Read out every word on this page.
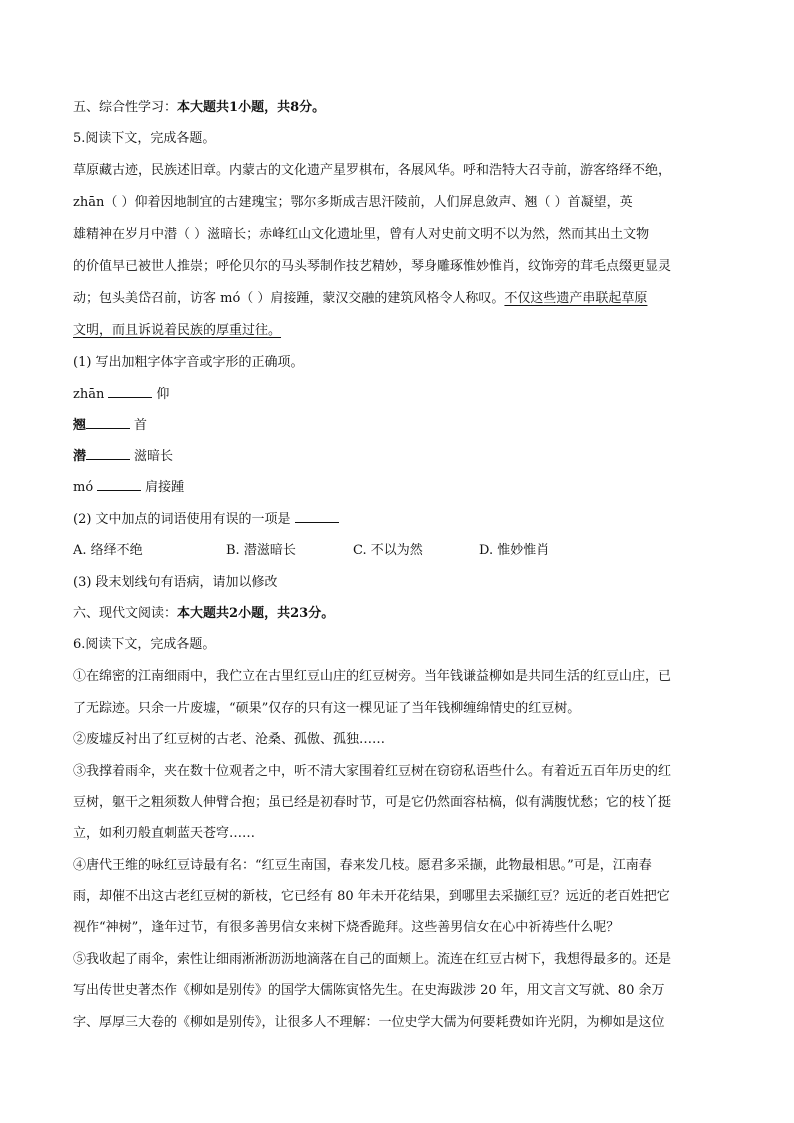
五、综合性学习：本大题共1小题，共8分。
5.阅读下文，完成各题。
草原藏古迹，民族述旧章。内蒙古的文化遗产星罗棋布，各展风华。呼和浩特大召寺前，游客络绎不绝，
zhān（ ）仰着因地制宜的古建瑰宝；鄂尔多斯成吉思汗陵前，人们屏息敛声、翘（ ）首凝望，英
雄精神在岁月中潜（ ）滋暗长；赤峰红山文化遗址里，曾有人对史前文明不以为然，然而其出土文物
的价值早已被世人推崇；呼伦贝尔的马头琴制作技艺精妙，琴身雕琢惟妙惟肖，纹饰旁的茸毛点缀更显灵
动；包头美岱召前，访客 mó（ ）肩接踵，蒙汉交融的建筑风格令人称叹。不仅这些遗产串联起草原
文明，而且诉说着民族的厚重过往。
(1) 写出加粗字体字音或字形的正确项。
zhān	仰
翘	首
潜	滋暗长
mó	肩接踵
(2) 文中加点的词语使用有误的一项是
A. 络绎不绝	B. 潜滋暗长	C. 不以为然	D. 惟妙惟肖
(3) 段末划线句有语病，请加以修改
六、现代文阅读：本大题共2小题，共23分。
6.阅读下文，完成各题。
①在绵密的江南细雨中，我伫立在古里红豆山庄的红豆树旁。当年钱谦益柳如是共同生活的红豆山庄，已
了无踪迹。只余一片废墟，“硕果”仅存的只有这一棵见证了当年钱柳缠绵情史的红豆树。
②废墟反衬出了红豆树的古老、沧桑、孤傲、孤独……
③我撑着雨伞，夹在数十位观者之中，听不清大家围着红豆树在窃窃私语些什么。有着近五百年历史的红
豆树，躯干之粗须数人伸臂合抱；虽已经是初春时节，可是它仍然面容枯槁，似有满腹忧愁；它的枝丫挺
立，如利刃般直刺蓝天苍穹……
④唐代王维的咏红豆诗最有名：“红豆生南国，春来发几枝。愿君多采撷，此物最相思。”可是，江南春
雨，却催不出这古老红豆树的新枝，它已经有 80 年未开花结果，到哪里去采撷红豆？远近的老百姓把它
视作“神树”，逢年过节，有很多善男信女来树下烧香跪拜。这些善男信女在心中祈祷些什么呢？
⑤我收起了雨伞，索性让细雨淅淅沥沥地滴落在自己的面颊上。流连在红豆古树下，我想得最多的。还是
写出传世史著杰作《柳如是别传》的国学大儒陈寅恪先生。在史海跋涉 20 年，用文言文写就、80 余万
字、厚厚三大卷的《柳如是别传》，让很多人不理解：一位史学大儒为何要耗费如许光阴，为柳如是这位
